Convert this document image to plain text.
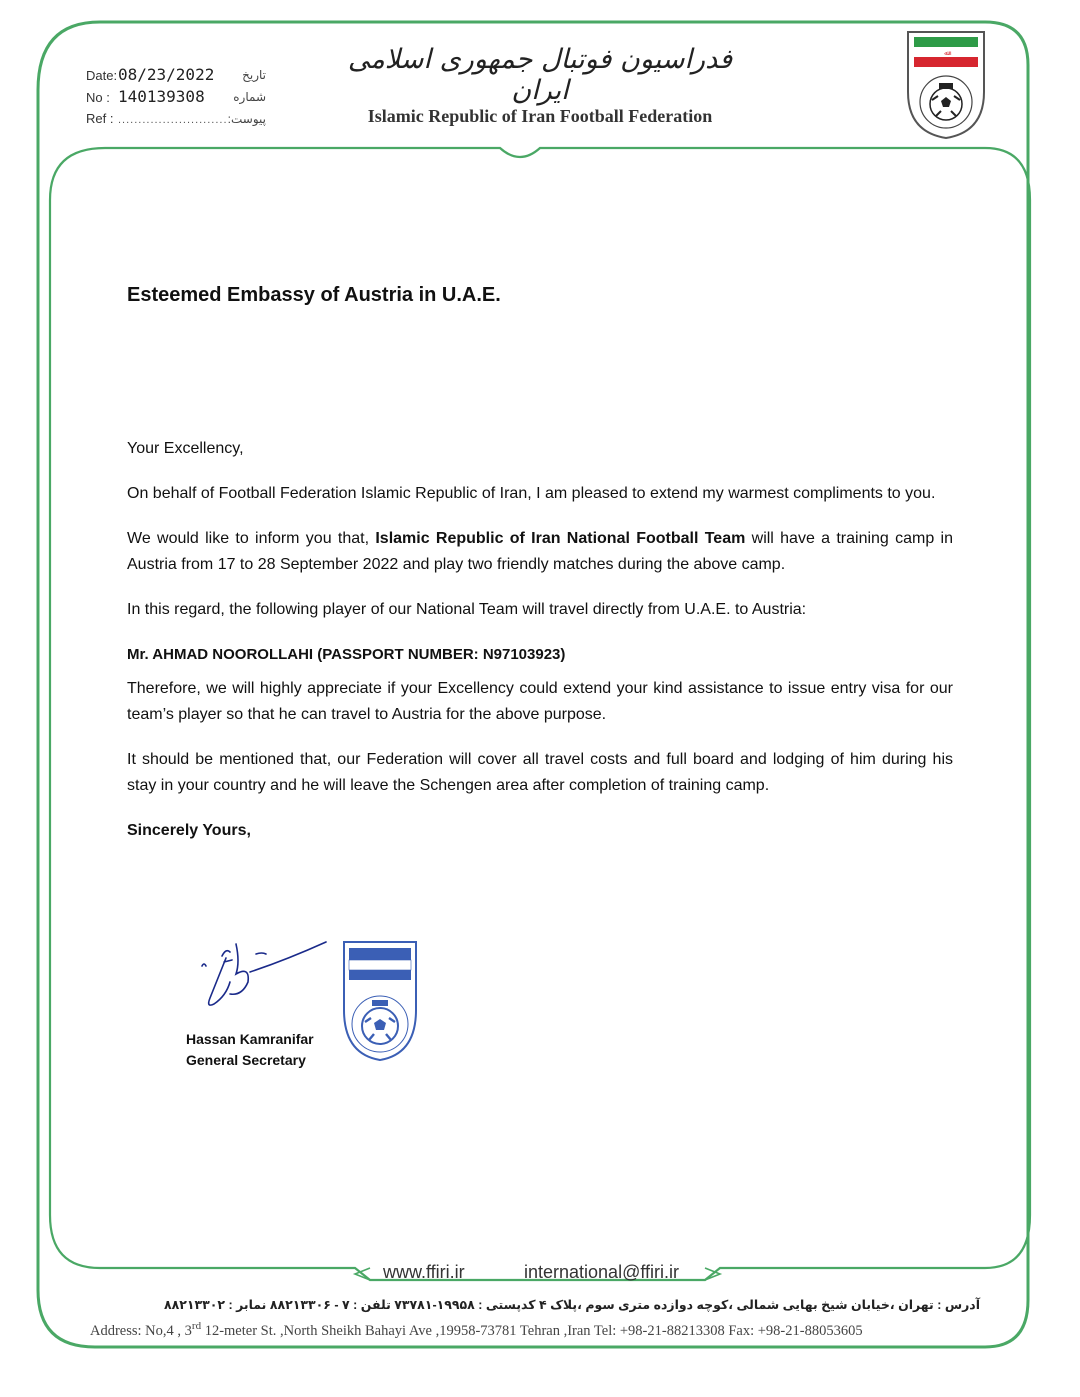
Date: 08/23/2022 تاریخ
No : 140139308 شماره
Ref : ........................... پیوست:
فدراسیون فوتبال جمهوری اسلامی ایران
Islamic Republic of Iran Football Federation
ﷲ
Esteemed Embassy of Austria in U.A.E.

Your Excellency,

On behalf of Football Federation Islamic Republic of Iran, I am pleased to extend my warmest compliments to you.

We would like to inform you that, Islamic Republic of Iran National Football Team will have a training camp in Austria from 17 to 28 September 2022 and play two friendly matches during the above camp.

In this regard, the following player of our National Team will travel directly from U.A.E. to Austria:

Mr. AHMAD NOOROLLAHI (PASSPORT NUMBER: N97103923)

Therefore, we will highly appreciate if your Excellency could extend your kind assistance to issue entry visa for our team’s player so that he can travel to Austria for the above purpose.

It should be mentioned that, our Federation will cover all travel costs and full board and lodging of him during his stay in your country and he will leave the Schengen area after completion of training camp.

Sincerely Yours,

Hassan Kamranifar
General Secretary
www.ffiri.ir	international@ffiri.ir
آدرس : تهران ،خیابان شیخ بهایی شمالی ،کوچه دوازده متری سوم ،پلاک ۴ کدپستی : ۱۹۹۵۸-۷۳۷۸۱ تلفن : ۷ - ۸۸۲۱۳۳۰۶ نمابر : ۸۸۲۱۳۳۰۲
Address: No,4 , 3rd 12-meter St. ,North Sheikh Bahayi Ave ,19958-73781 Tehran ,Iran Tel: +98-21-88213308 Fax: +98-21-88053605
